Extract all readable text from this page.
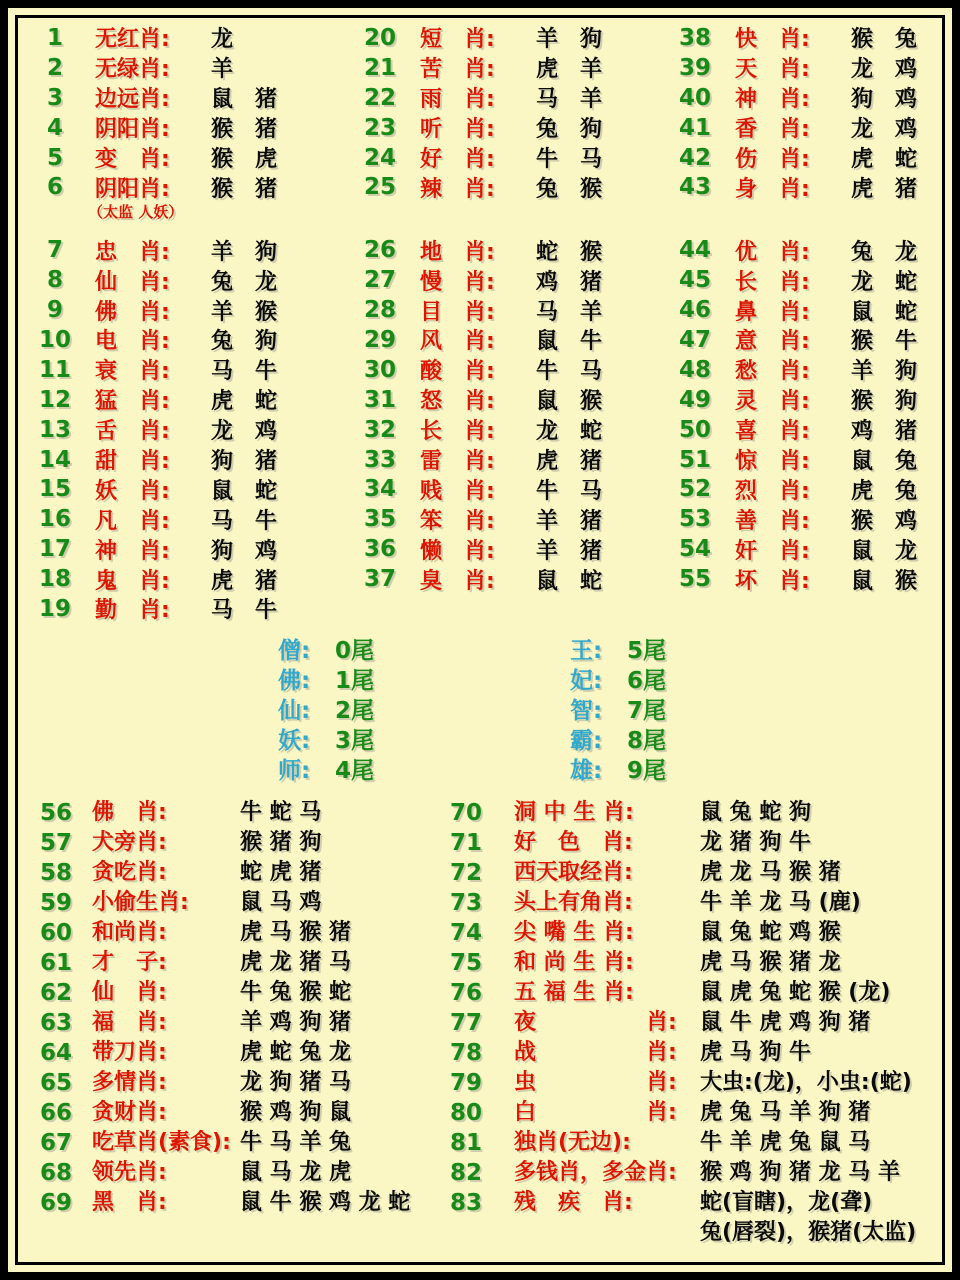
1	无红肖:	龙
2	无绿肖:	羊
3	边远肖:	鼠　猪
4	阴阳肖:	猴　猪
5	变　肖:	猴　虎
6	阴阳肖:	猴　猪
（太监 人妖）
7	忠　肖:	羊　狗
8	仙　肖:	兔　龙
9	佛　肖:	羊　猴
10	电　肖:	兔　狗
11	衰　肖:	马　牛
12	猛　肖:	虎　蛇
13	舌　肖:	龙　鸡
14	甜　肖:	狗　猪
15	妖　肖:	鼠　蛇
16	凡　肖:	马　牛
17	神　肖:	狗　鸡
18	鬼　肖:	虎　猪
19	勤　肖:	马　牛
20	短　肖:	羊　狗
21	苦　肖:	虎　羊
22	雨　肖:	马　羊
23	听　肖:	兔　狗
24	好　肖:	牛　马
25	辣　肖:	兔　猴
26	地　肖:	蛇　猴
27	慢　肖:	鸡　猪
28	目　肖:	马　羊
29	风　肖:	鼠　牛
30	酸　肖:	牛　马
31	怒　肖:	鼠　猴
32	长　肖:	龙　蛇
33	雷　肖:	虎　猪
34	贱　肖:	牛　马
35	笨　肖:	羊　猪
36	懒　肖:	羊　猪
37	臭　肖:	鼠　蛇
38	快　肖:	猴　兔
39	天　肖:	龙　鸡
40	神　肖:	狗　鸡
41	香　肖:	龙　鸡
42	伤　肖:	虎　蛇
43	身　肖:	虎　猪
44	优　肖:	兔　龙
45	长　肖:	龙　蛇
46	鼻　肖:	鼠　蛇
47	意　肖:	猴　牛
48	愁　肖:	羊　狗
49	灵　肖:	猴　狗
50	喜　肖:	鸡　猪
51	惊　肖:	鼠　兔
52	烈　肖:	虎　兔
53	善　肖:	猴　鸡
54	奸　肖:	鼠　龙
55	坏　肖:	鼠　猴
僧:	0尾
佛:	1尾
仙:	2尾
妖:	3尾
师:	4尾
王:	5尾
妃:	6尾
智:	7尾
霸:	8尾
雄:	9尾
56 佛　肖:	牛 蛇 马
57 犬旁肖:	猴 猪 狗
58 贪吃肖:	蛇 虎 猪
59 小偷生肖:	鼠 马 鸡
60 和尚肖:	虎 马 猴 猪
61 才　子:	虎 龙 猪 马
62 仙　肖:	牛 兔 猴 蛇
63 福　肖:	羊 鸡 狗 猪
64 带刀肖:	虎 蛇 兔 龙
65 多情肖:	龙 狗 猪 马
66 贪财肖:	猴 鸡 狗 鼠
67 吃草肖(素食): 牛 马 羊 兔
68 领先肖:	鼠 马 龙 虎
69 黑　肖:	鼠 牛 猴 鸡 龙 蛇
70	洞 中 生 肖:	鼠 兔 蛇 狗
71	好　色　肖:	龙 猪 狗 牛
72	西天取经肖:	虎 龙 马 猴 猪
73	头上有角肖:	牛 羊 龙 马 (鹿)
74	尖 嘴 生 肖:	鼠 兔 蛇 鸡 猴
75	和 尚 生 肖:	虎 马 猴 猪 龙
76	五 福 生 肖:	鼠 虎 兔 蛇 猴 (龙)
77	夜　　　　　肖:	鼠 牛 虎 鸡 狗 猪
78	战　　　　　肖:	虎 马 狗 牛
79	虫　　　　　肖:	大虫:(龙)，小虫:(蛇)
80	白　　　　　肖:	虎 兔 马 羊 狗 猪
81	独肖(无边):	牛 羊 虎 兔 鼠 马
82	多钱肖，多金肖:	猴 鸡 狗 猪 龙 马 羊
83	残　疾　肖:	蛇(盲瞎)，龙(聋)
兔(唇裂)，猴猪(太监)
